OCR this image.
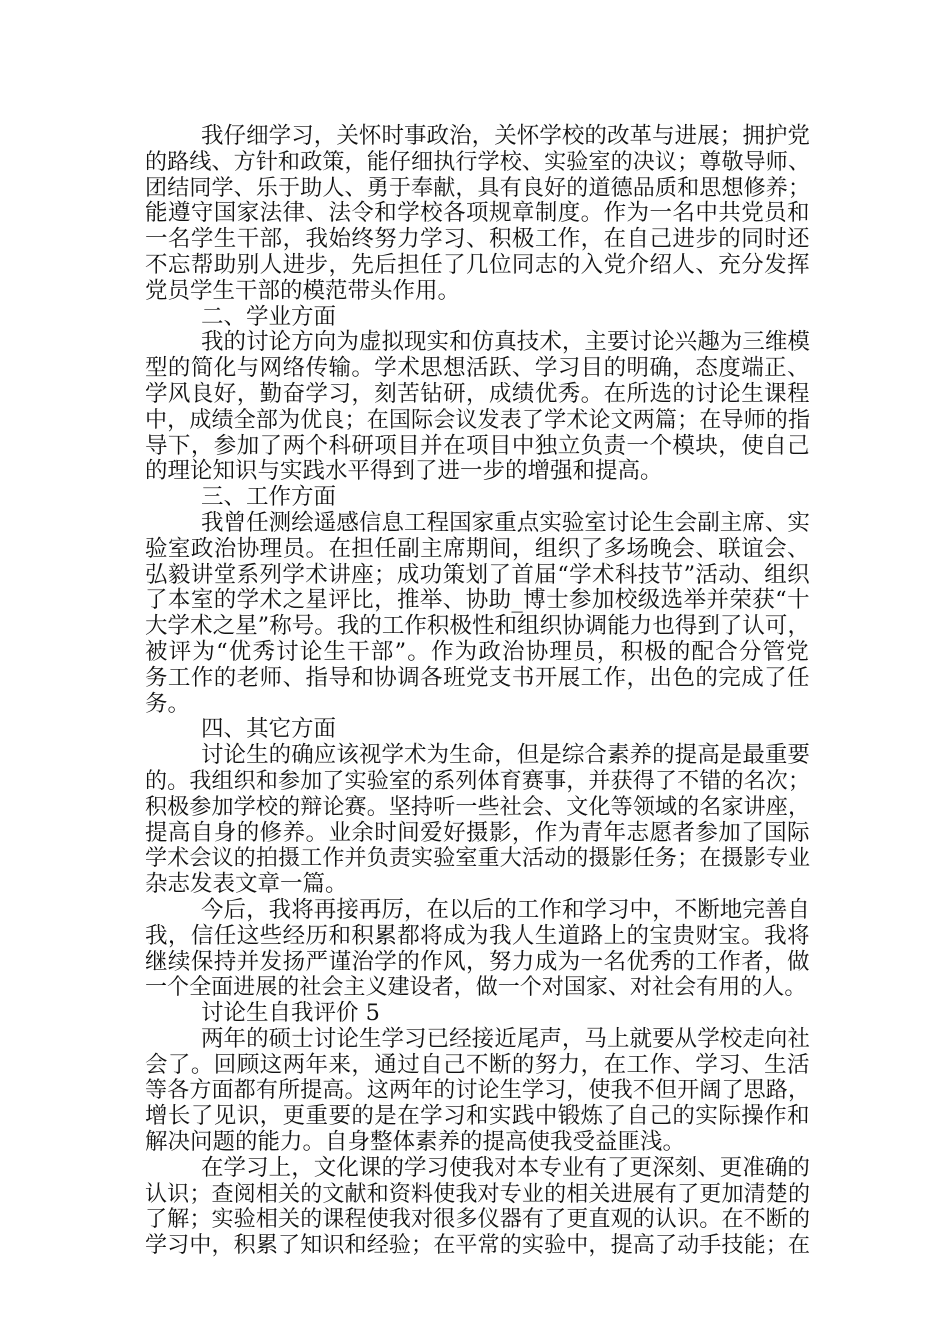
我仔细学习，关怀时事政治，关怀学校的改革与进展；拥护党
的路线、方针和政策，能仔细执行学校、实验室的决议；尊敬导师、
团结同学、乐于助人、勇于奉献，具有良好的道德品质和思想修养；
能遵守国家法律、法令和学校各项规章制度。作为一名中共党员和
一名学生干部，我始终努力学习、积极工作，在自己进步的同时还
不忘帮助别人进步，先后担任了几位同志的入党介绍人、充分发挥
党员学生干部的模范带头作用。
二、学业方面
我的讨论方向为虚拟现实和仿真技术，主要讨论兴趣为三维模
型的简化与网络传输。学术思想活跃、学习目的明确，态度端正、
学风良好，勤奋学习，刻苦钻研，成绩优秀。在所选的讨论生课程
中，成绩全部为优良；在国际会议发表了学术论文两篇；在导师的指
导下，参加了两个科研项目并在项目中独立负责一个模块，使自己
的理论知识与实践水平得到了进一步的增强和提高。
三、工作方面
我曾任测绘遥感信息工程国家重点实验室讨论生会副主席、实
验室政治协理员。在担任副主席期间，组织了多场晚会、联谊会、
弘毅讲堂系列学术讲座；成功策划了首届“学术科技节”活动、组织
了本室的学术之星评比，推举、协助_博士参加校级选举并荣获“十
大学术之星”称号。我的工作积极性和组织协调能力也得到了认可，
被评为“优秀讨论生干部”。作为政治协理员，积极的配合分管党
务工作的老师、指导和协调各班党支书开展工作，出色的完成了任
务。
四、其它方面
讨论生的确应该视学术为生命，但是综合素养的提高是最重要
的。我组织和参加了实验室的系列体育赛事，并获得了不错的名次；
积极参加学校的辩论赛。坚持听一些社会、文化等领域的名家讲座，
提高自身的修养。业余时间爱好摄影，作为青年志愿者参加了国际
学术会议的拍摄工作并负责实验室重大活动的摄影任务；在摄影专业
杂志发表文章一篇。
今后，我将再接再厉，在以后的工作和学习中，不断地完善自
我，信任这些经历和积累都将成为我人生道路上的宝贵财宝。我将
继续保持并发扬严谨治学的作风，努力成为一名优秀的工作者，做
一个全面进展的社会主义建设者，做一个对国家、对社会有用的人。
讨论生自我评价 5
两年的硕士讨论生学习已经接近尾声，马上就要从学校走向社
会了。回顾这两年来，通过自己不断的努力，在工作、学习、生活
等各方面都有所提高。这两年的讨论生学习，使我不但开阔了思路，
增长了见识，更重要的是在学习和实践中锻炼了自己的实际操作和
解决问题的能力。自身整体素养的提高使我受益匪浅。
在学习上，文化课的学习使我对本专业有了更深刻、更准确的
认识；查阅相关的文献和资料使我对专业的相关进展有了更加清楚的
了解；实验相关的课程使我对很多仪器有了更直观的认识。在不断的
学习中，积累了知识和经验；在平常的实验中，提高了动手技能；在
